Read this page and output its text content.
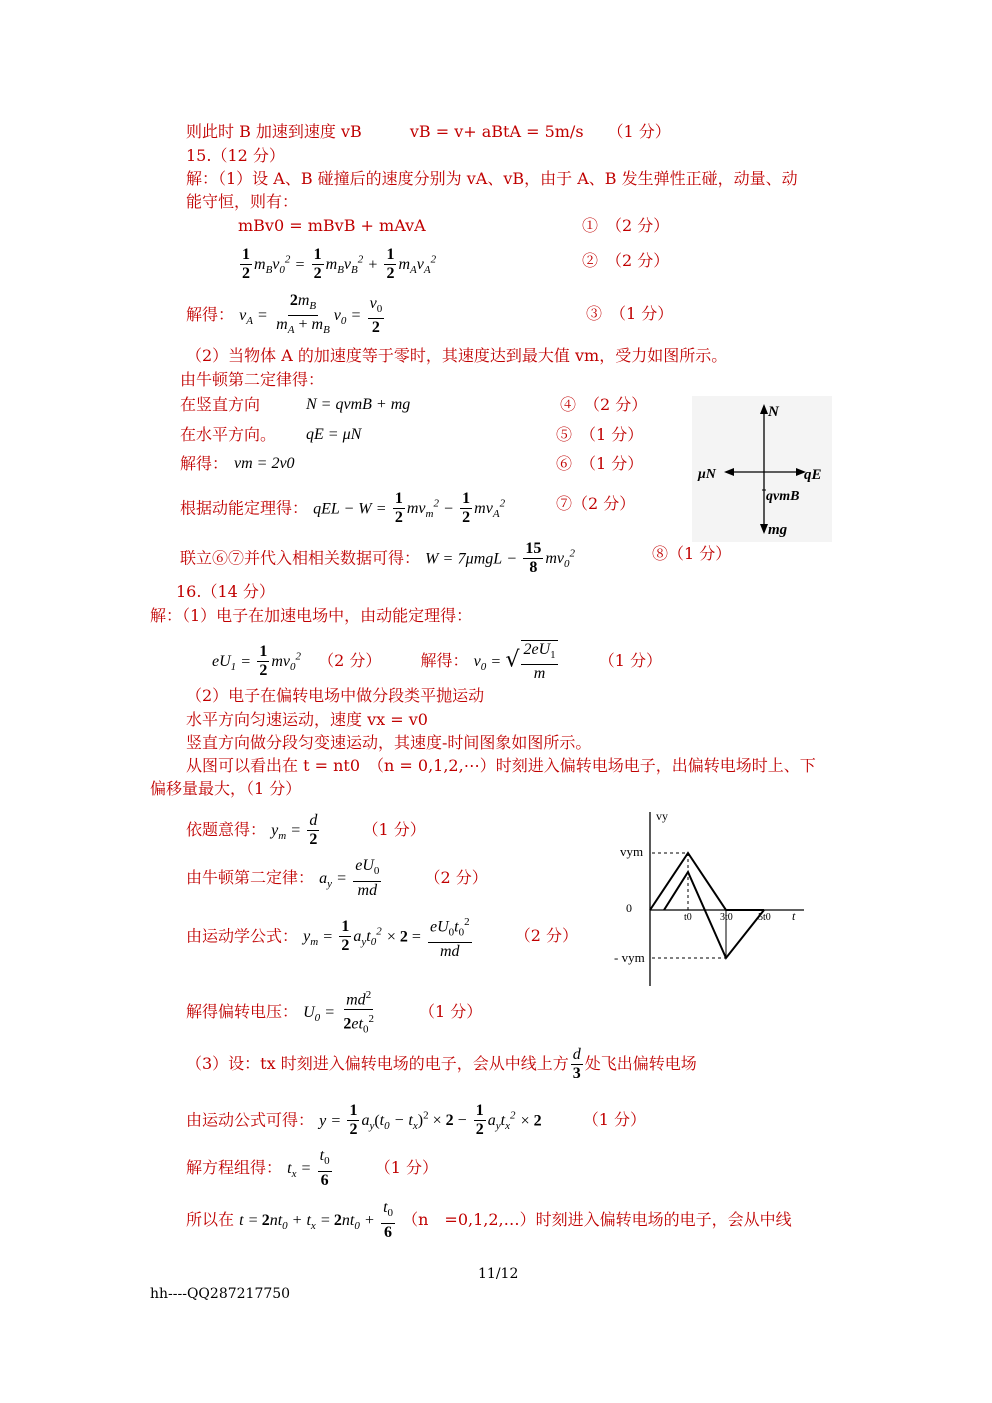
则此时 B 加速到速度 vB　　　vB = v+ aBtA = 5m/s　　（1 分）
15.（12 分）
解：（1）设 A、B 碰撞后的速度分别为 vA、vB，由于 A、B 发生弹性正碰，动量、动
能守恒，则有：
mBv0 = mBvB + mAvA	①　（2 分）
$\frac{1}{2} m_Bv_0^2 = \frac{1}{2} m_Bv_B^2 + \frac{1}{2} m_Av_A^2$	②　（2 分）
解得： $v_A = \frac{2m_B}{m_A + m_B} v_0 = \frac{v_0}{2}$	③　（1 分）
（2）当物体 A 的加速度等于零时，其速度达到最大值 vm，受力如图所示。
由牛顿第二定律得：
在竖直方向	N = qvmB + mg	④　（2 分）
在水平方向。 qE = μN	⑤　（1 分）
解得： vm = 2v0	⑥　（1 分）
根据动能定理得： qEL − $W = \frac{1}{2} mv_m^2 - \frac{1}{2} mv_A^2$	⑦（2 分）
联立⑥⑦并代入相相关数据可得： $W = 7\mu mgL - \frac{15}{8} mv_0^2$	⑧（1 分）
N
μN	qE
qvmB
mg
16.（14 分）
解：（1）电子在加速电场中，由动能定理得：
$eU_1 = \frac{1}{2} mv_0^2$ （2 分） 解得： $v_0$ = √ $\frac{2eU_1}{m}$	（1 分）
（2）电子在偏转电场中做分段类平抛运动
水平方向匀速运动，速度 vx = v0
竖直方向做分段匀变速运动，其速度-时间图象如图所示。
从图可以看出在 t = nt0　（n = 0,1,2,⋯）时刻进入偏转电场电子，出偏转电场时上、下
偏移量最大，（1 分）
依题意得： $y_m = \frac{d}{2}$	（1 分）
由牛顿第二定律： $a_y = \frac{eU_0}{md}$	（2 分）
由运动学公式： $y_m = \frac{1}{2} a_yt_0^2 \times 2 = \frac{eU_0t_0^2}{md}$	（2 分）
vy
vym
0
- vym
t0	3t0	5t0 t
解得偏转电压： $U_0 = \frac{md^2}{2et_0^2}$	（1 分）
（3）设：tx 时刻进入偏转电场的电子，会从中线上方 $\frac{d}{3}$ 处飞出偏转电场
由运动公式可得： $y = \frac{1}{2} a_y(t_0 - t_x)^2 \times 2 - \frac{1}{2} a_yt_x^2 \times 2$	（1 分）
解方程组得： $t_x = \frac{t_0}{6}$	（1 分）
所以在 $t = 2nt_0 + t_x = 2nt_0 + \frac{t_0}{6} (n$　=0,1,2,…）时刻进入偏转电场的电子，会从中线
11/12
hh----QQ287217750
